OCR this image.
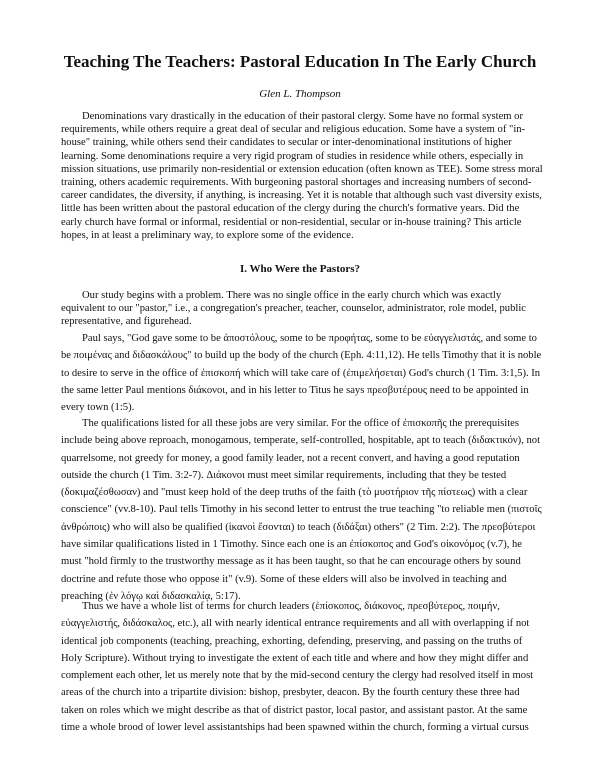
Teaching The Teachers: Pastoral Education In The Early Church
Glen L. Thompson

Denominations vary drastically in the education of their pastoral clergy. Some have no formal system or requirements, while others require a great deal of secular and religious education. Some have a system of "in-house" training, while others send their candidates to secular or inter-denominational institutions of higher learning. Some denominations require a very rigid program of studies in residence while others, especially in mission situations, use primarily non-residential or extension education (often known as TEE). Some stress moral training, others academic requirements. With burgeoning pastoral shortages and increasing numbers of second-career candidates, the diversity, if anything, is increasing. Yet it is notable that although such vast diversity exists, little has been written about the pastoral education of the clergy during the church's formative years. Did the early church have formal or informal, residential or non-residential, secular or in-house training? This article hopes, in at least a preliminary way, to explore some of the evidence.

I. Who Were the Pastors?

Our study begins with a problem. There was no single office in the early church which was exactly equivalent to our "pastor," i.e., a congregation's preacher, teacher, counselor, administrator, role model, public representative, and figurehead.

Paul says, "God gave some to be ἀποστόλους, some to be προφήτας, some to be εὐαγγελιστάς, and some to be ποιμένας and διδασκάλους" to build up the body of the church (Eph. 4:11,12). He tells Timothy that it is noble to desire to serve in the office of ἐπισκοπή which will take care of (ἐπιμελήσεται) God's church (1 Tim. 3:1,5). In the same letter Paul mentions διάκονοι, and in his letter to Titus he says πρεσβυτέρους need to be appointed in every town (1:5).

The qualifications listed for all these jobs are very similar. For the office of ἐπισκοπῆς the prerequisites include being above reproach, monogamous, temperate, self-controlled, hospitable, apt to teach (διδακτικόν), not quarrelsome, not greedy for money, a good family leader, not a recent convert, and having a good reputation outside the church (1 Tim. 3:2-7). Διάκονοι must meet similar requirements, including that they be tested (δοκιμαζέσθωσαν) and "must keep hold of the deep truths of the faith (τὸ μυστήριον τῆς πίστεως) with a clear conscience" (vv.8-10). Paul tells Timothy in his second letter to entrust the true teaching "to reliable men (πιστοῖς ἀνθρώποις) who will also be qualified (ἱκανοὶ ἔσονται) to teach (διδάξαι) others" (2 Tim. 2:2). The πρεσβύτεροι have similar qualifications listed in 1 Timothy. Since each one is an ἐπίσκοπος and God's οἰκονόμος (v.7), he must "hold firmly to the trustworthy message as it has been taught, so that he can encourage others by sound doctrine and refute those who oppose it" (v.9). Some of these elders will also be involved in teaching and preaching (ἐν λόγῳ καὶ διδασκαλίᾳ, 5:17).

Thus we have a whole list of terms for church leaders (ἐπίσκοπος, διάκονος, πρεσβύτερος, ποιμήν, εὐαγγελιστής, διδάσκαλος, etc.), all with nearly identical entrance requirements and all with overlapping if not identical job components (teaching, preaching, exhorting, defending, preserving, and passing on the truths of Holy Scripture). Without trying to investigate the extent of each title and where and how they might differ and complement each other, let us merely note that by the mid-second century the clergy had resolved itself in most areas of the church into a tripartite division: bishop, presbyter, deacon. By the fourth century these three had taken on roles which we might describe as that of district pastor, local pastor, and assistant pastor. At the same time a whole brood of lower level assistantships had been spawned within the church, forming a virtual cursus
